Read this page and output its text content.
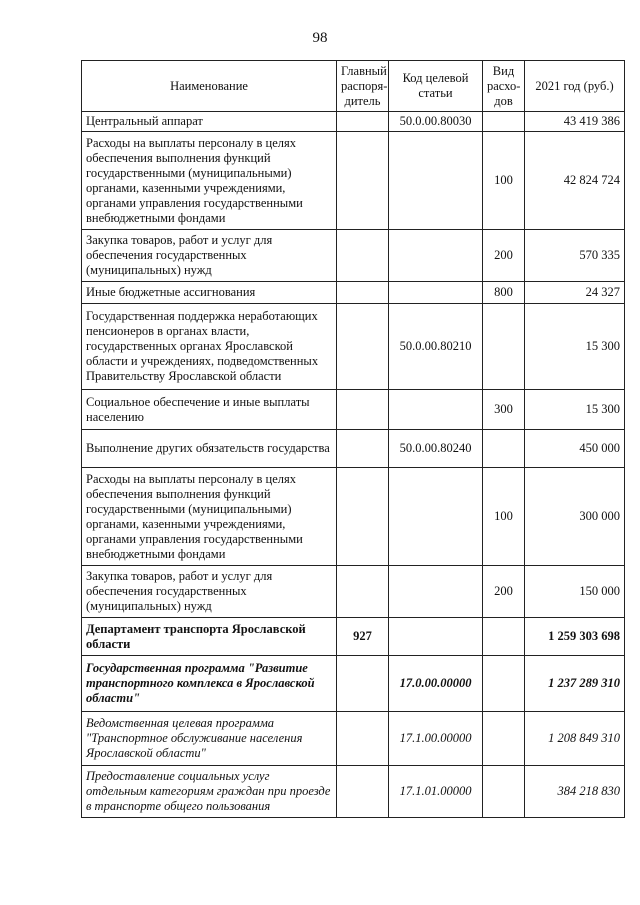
98
Наименование	Главный распоря-дитель	Код целевой статьи	Вид расхо-дов	2021 год (руб.)
Центральный аппарат		50.0.00.80030		43 419 386
Расходы на выплаты персоналу в целях обеспечения выполнения функций государственными (муниципальными) органами, казенными учреждениями, органами управления государственными внебюджетными фондами			100	42 824 724
Закупка товаров, работ и услуг для обеспечения государственных (муниципальных) нужд			200	570 335
Иные бюджетные ассигнования			800	24 327
Государственная поддержка неработающих пенсионеров в органах власти, государственных органах Ярославской области и учреждениях, подведомственных Правительству Ярославской области		50.0.00.80210		15 300
Социальное обеспечение и иные выплаты населению			300	15 300
Выполнение других обязательств государства		50.0.00.80240		450 000
Расходы на выплаты персоналу в целях обеспечения выполнения функций государственными (муниципальными) органами, казенными учреждениями, органами управления государственными внебюджетными фондами			100	300 000
Закупка товаров, работ и услуг для обеспечения государственных (муниципальных) нужд			200	150 000
Департамент транспорта Ярославской области	927			1 259 303 698
Государственная программа "Развитие транспортного комплекса в Ярославской области"		17.0.00.00000		1 237 289 310
Ведомственная целевая программа "Транспортное обслуживание населения Ярославской области"		17.1.00.00000		1 208 849 310
Предоставление социальных услуг отдельным категориям граждан при проезде в транспорте общего пользования		17.1.01.00000		384 218 830
